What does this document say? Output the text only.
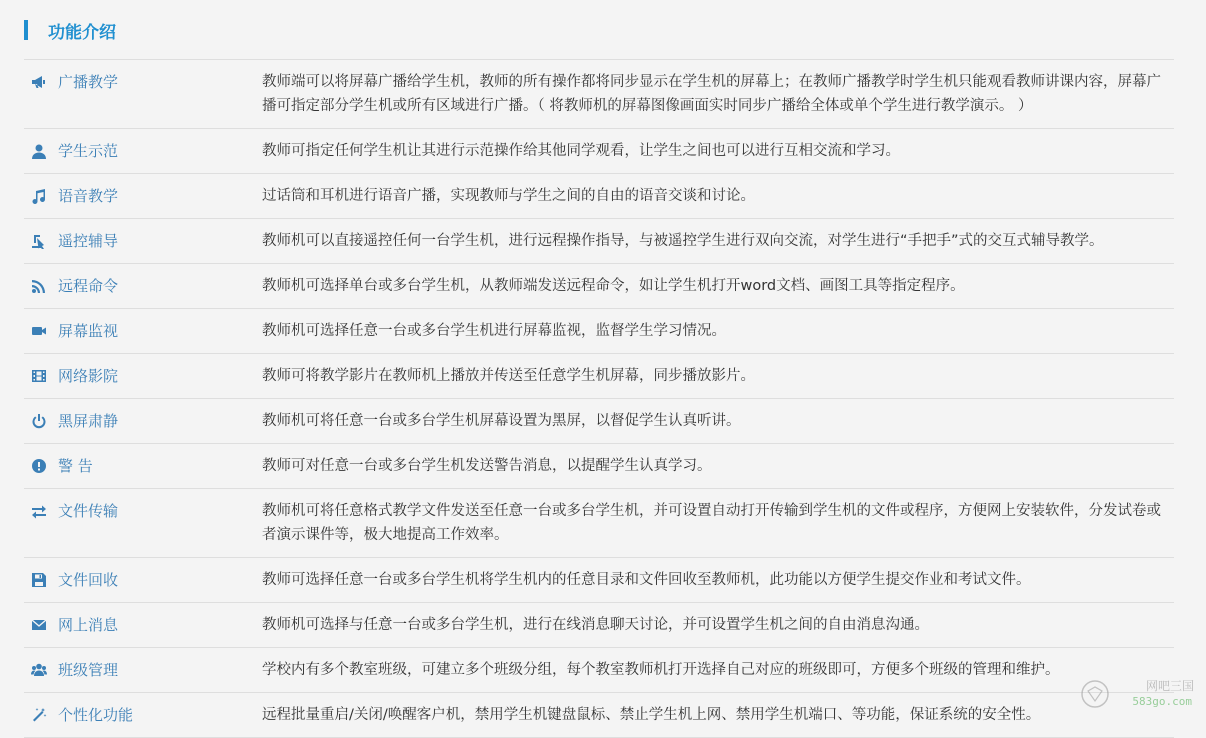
功能介绍
广播教学	教师端可以将屏幕广播给学生机，教师的所有操作都将同步显示在学生机的屏幕上；在教师广播教学时学生机只能观看教师讲课内容，屏幕广播可指定部分学生机或所有区域进行广播。（ 将教师机的屏幕图像画面实时同步广播给全体或单个学生进行教学演示。 ）
学生示范	教师可指定任何学生机让其进行示范操作给其他同学观看，让学生之间也可以进行互相交流和学习。
语音教学	过话筒和耳机进行语音广播，实现教师与学生之间的自由的语音交谈和讨论。
遥控辅导	教师机可以直接遥控任何一台学生机，进行远程操作指导，与被遥控学生进行双向交流，对学生进行“手把手”式的交互式辅导教学。
远程命令	教师机可选择单台或多台学生机，从教师端发送远程命令，如让学生机打开word文档、画图工具等指定程序。
屏幕监视	教师机可选择任意一台或多台学生机进行屏幕监视，监督学生学习情况。
网络影院	教师可将教学影片在教师机上播放并传送至任意学生机屏幕，同步播放影片。
黑屏肃静	教师机可将任意一台或多台学生机屏幕设置为黑屏，以督促学生认真听讲。
警 告	教师可对任意一台或多台学生机发送警告消息，以提醒学生认真学习。
文件传输	教师机可将任意格式教学文件发送至任意一台或多台学生机，并可设置自动打开传输到学生机的文件或程序，方便网上安装软件，分发试卷或者演示课件等，极大地提高工作效率。
文件回收	教师可选择任意一台或多台学生机将学生机内的任意目录和文件回收至教师机，此功能以方便学生提交作业和考试文件。
网上消息	教师机可选择与任意一台或多台学生机，进行在线消息聊天讨论，并可设置学生机之间的自由消息沟通。
班级管理	学校内有多个教室班级，可建立多个班级分组，每个教室教师机打开选择自己对应的班级即可，方便多个班级的管理和维护。
个性化功能	远程批量重启/关闭/唤醒客户机，禁用学生机键盘鼠标、禁止学生机上网、禁用学生机端口、等功能，保证系统的安全性。
网吧三国
583go.com
